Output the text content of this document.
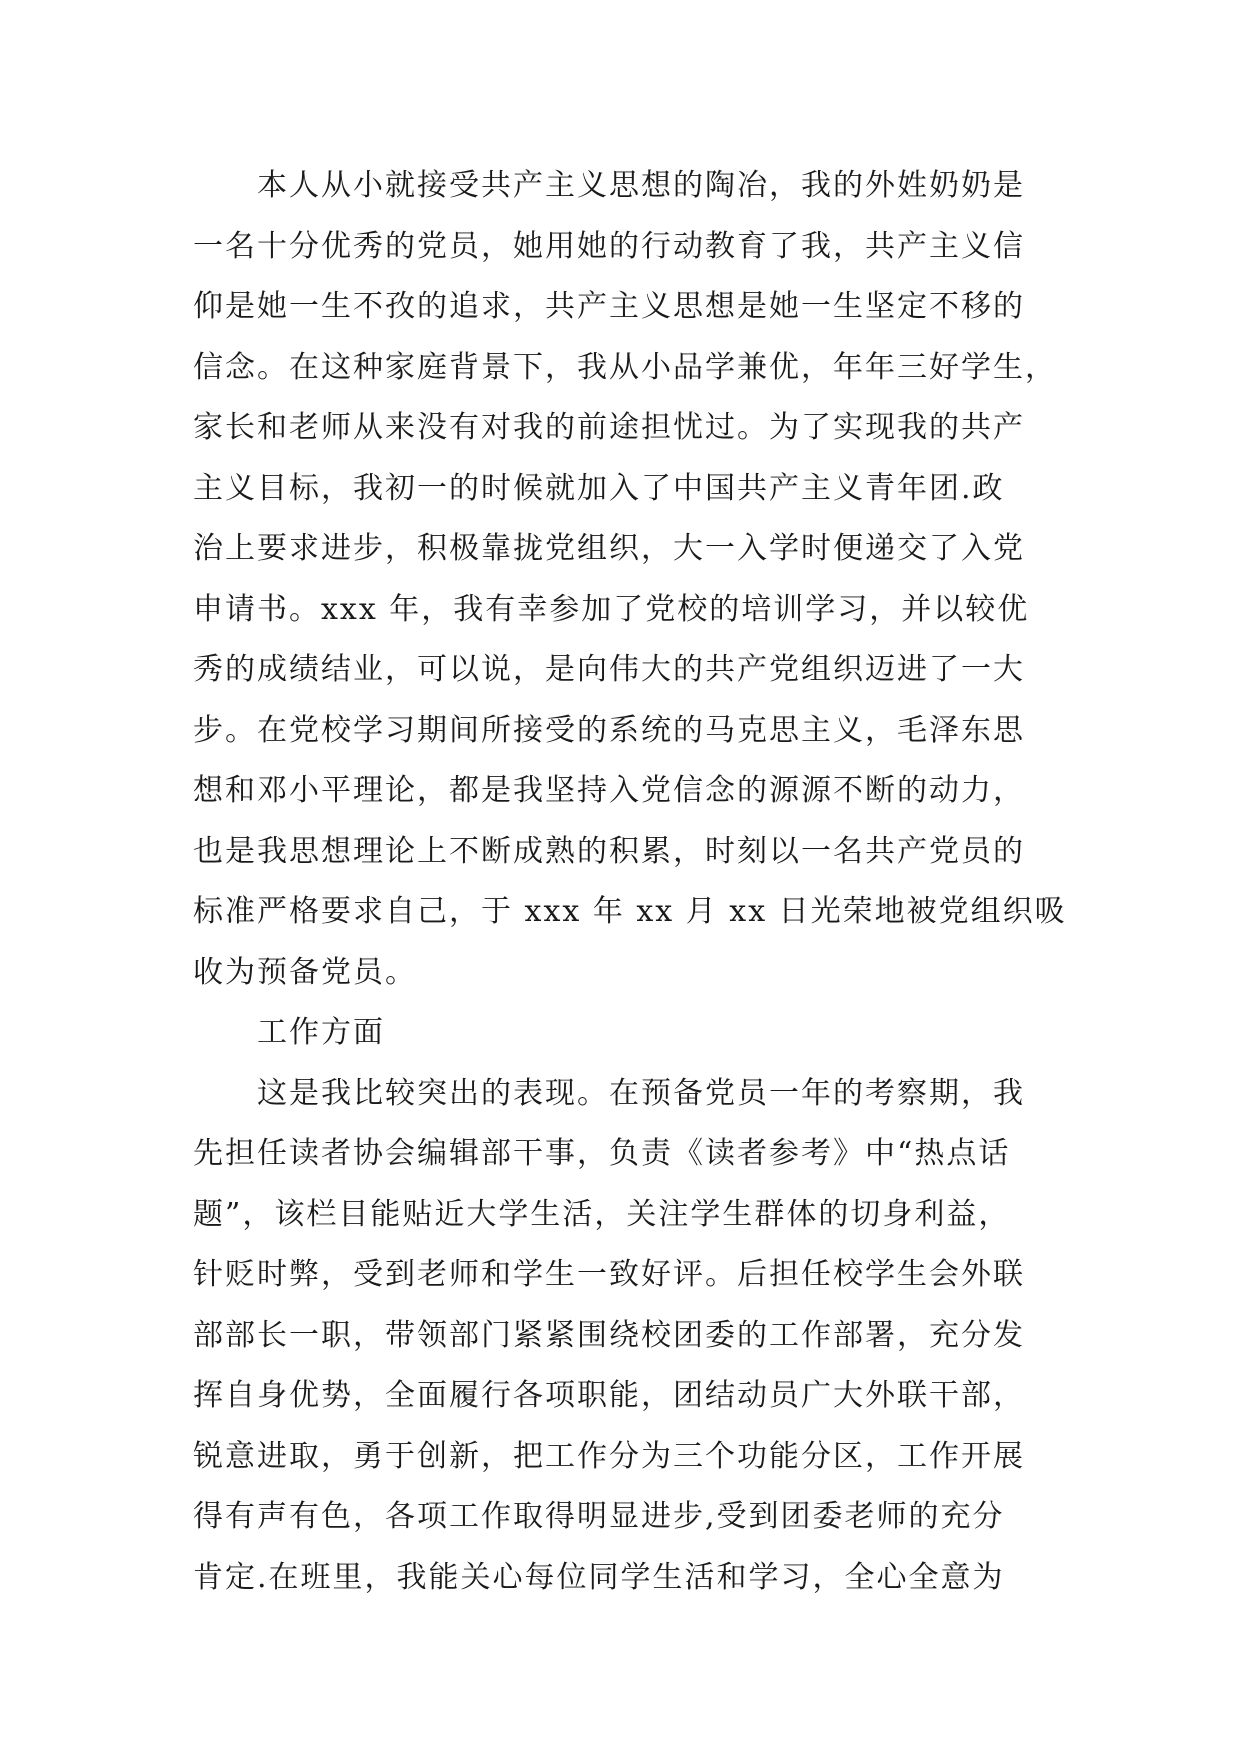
本人从小就接受共产主义思想的陶冶，我的外姓奶奶是
一名十分优秀的党员，她用她的行动教育了我，共产主义信
仰是她一生不孜的追求，共产主义思想是她一生坚定不移的
信念。在这种家庭背景下，我从小品学兼优，年年三好学生，
家长和老师从来没有对我的前途担忧过。为了实现我的共产
主义目标，我初一的时候就加入了中国共产主义青年团.政
治上要求进步，积极靠拢党组织，大一入学时便递交了入党
申请书。xxx 年，我有幸参加了党校的培训学习，并以较优
秀的成绩结业，可以说，是向伟大的共产党组织迈进了一大
步。在党校学习期间所接受的系统的马克思主义，毛泽东思
想和邓小平理论，都是我坚持入党信念的源源不断的动力，
也是我思想理论上不断成熟的积累，时刻以一名共产党员的
标准严格要求自己，于 xxx 年 xx 月 xx 日光荣地被党组织吸
收为预备党员。
工作方面
这是我比较突出的表现。在预备党员一年的考察期，我
先担任读者协会编辑部干事，负责《读者参考》中“热点话
题”，该栏目能贴近大学生活，关注学生群体的切身利益，
针贬时弊，受到老师和学生一致好评。后担任校学生会外联
部部长一职，带领部门紧紧围绕校团委的工作部署，充分发
挥自身优势，全面履行各项职能，团结动员广大外联干部，
锐意进取，勇于创新，把工作分为三个功能分区，工作开展
得有声有色，各项工作取得明显进步,受到团委老师的充分
肯定.在班里，我能关心每位同学生活和学习，全心全意为
